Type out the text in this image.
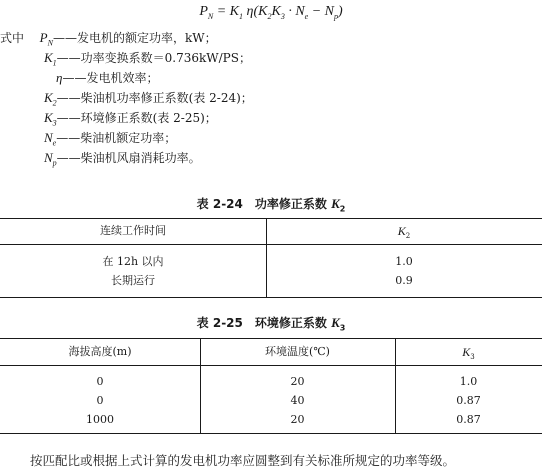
$P_N = K_1$ $\eta(K_2K_3 \cdot N_e - N_p)$
式中 $P_N——$发电机的额定功率，kW；
$K_1——$功率变换系数＝0.736kW/PS；
η——发电机效率；
$K_2——$柴油机功率修正系数(表 2-24)；
$K_3——$环境修正系数(表 2-25)；
$N_e——$柴油机额定功率；
$N_p——$柴油机风扇消耗功率。
表 2-24　功率修正系数 $K_2$
连续工作时间	$K_2$
在 12h 以内	1.0
长期运行	0.9
表 2-25　环境修正系数 $K_3$
海拔高度(m)	环境温度(℃)	$K_3$
0	20	1.0
0	40	0.87
1000	20	0.87
按匹配比或根据上式计算的发电机功率应圆整到有关标准所规定的功率等级。
